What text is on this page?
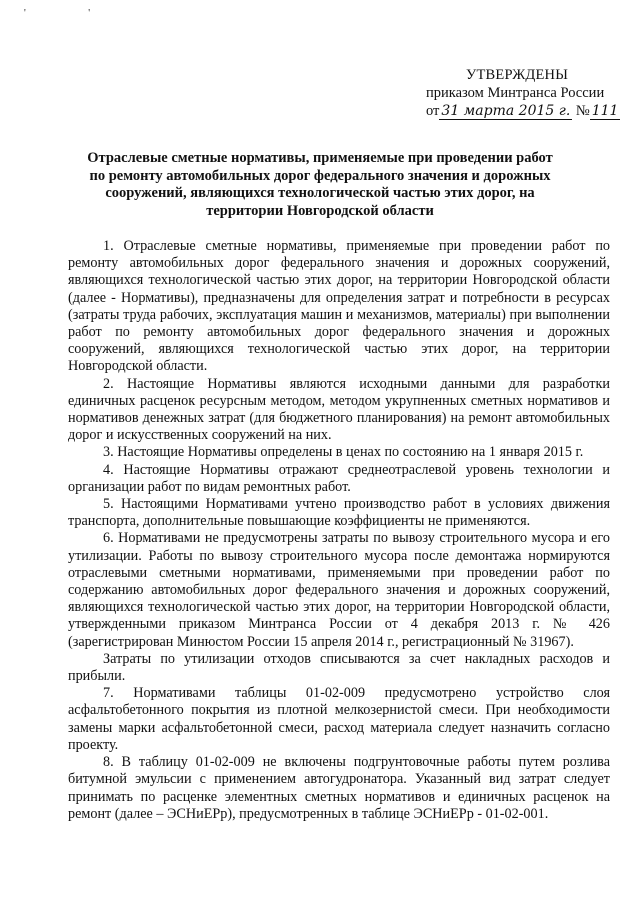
' '
УТВЕРЖДЕНЫ
приказом Минтранса России
от 31 марта 2015 г. № 111
Отраслевые сметные нормативы, применяемые при проведении работ по ремонту автомобильных дорог федерального значения и дорожных сооружений, являющихся технологической частью этих дорог, на территории Новгородской области

1. Отраслевые сметные нормативы, применяемые при проведении работ по ремонту автомобильных дорог федерального значения и дорожных сооружений, являющихся технологической частью этих дорог, на территории Новгородской области (далее - Нормативы), предназначены для определения затрат и потребности в ресурсах (затраты труда рабочих, эксплуатация машин и механизмов, материалы) при выполнении работ по ремонту автомобильных дорог федерального значения и дорожных сооружений, являющихся технологической частью этих дорог, на территории Новгородской области.

2. Настоящие Нормативы являются исходными данными для разработки единичных расценок ресурсным методом, методом укрупненных сметных нормативов и нормативов денежных затрат (для бюджетного планирования) на ремонт автомобильных дорог и искусственных сооружений на них.

3. Настоящие Нормативы определены в ценах по состоянию на 1 января 2015 г.

4. Настоящие Нормативы отражают среднеотраслевой уровень технологии и организации работ по видам ремонтных работ.

5. Настоящими Нормативами учтено производство работ в условиях движения транспорта, дополнительные повышающие коэффициенты не применяются.

6. Нормативами не предусмотрены затраты по вывозу строительного мусора и его утилизации. Работы по вывозу строительного мусора после демонтажа нормируются отраслевыми сметными нормативами, применяемыми при проведении работ по содержанию автомобильных дорог федерального значения и дорожных сооружений, являющихся технологической частью этих дорог, на территории Новгородской области, утвержденными приказом Минтранса России от 4 декабря 2013 г. № 426 (зарегистрирован Минюстом России 15 апреля 2014 г., регистрационный № 31967).

Затраты по утилизации отходов списываются за счет накладных расходов и прибыли.

7. Нормативами таблицы 01-02-009 предусмотрено устройство слоя асфальтобетонного покрытия из плотной мелкозернистой смеси. При необходимости замены марки асфальтобетонной смеси, расход материала следует назначить согласно проекту.

8. В таблицу 01-02-009 не включены подгрунтовочные работы путем розлива битумной эмульсии с применением автогудронатора. Указанный вид затрат следует принимать по расценке элементных сметных нормативов и единичных расценок на ремонт (далее – ЭСНиЕРр), предусмотренных в таблице ЭСНиЕРр - 01-02-001.
